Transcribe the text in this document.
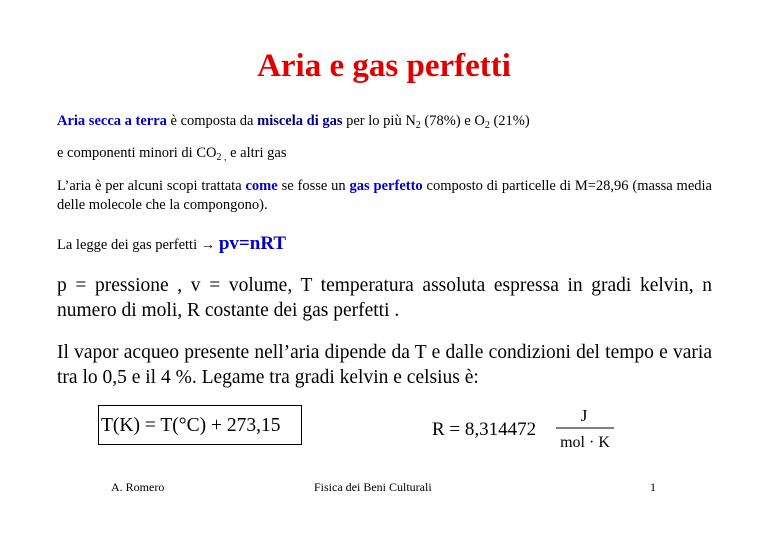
Aria e gas perfetti
Aria secca a terra è composta da miscela di gas per lo più $N_2$ (78%) e $O_2$ (21%)
e componenti minori di $CO_{2 ,}$ e altri gas
L’aria è per alcuni scopi trattata come se fosse un gas perfetto composto di particelle di M=28,96 (massa media delle molecole che la compongono).
La legge dei gas perfetti → pv=nRT
p = pressione , v = volume, T temperatura assoluta espressa in gradi kelvin, n numero di moli, R costante dei gas perfetti .
Il vapor acqueo presente nell’aria dipende da T e dalle condizioni del tempo e varia tra lo 0,5 e il 4 %. Legame tra gradi kelvin e celsius è:
T(K) = T(°C) + 273,15	R = 8,314472
J
mol · K
A. Romero	Fisica dei Beni Culturali	1
